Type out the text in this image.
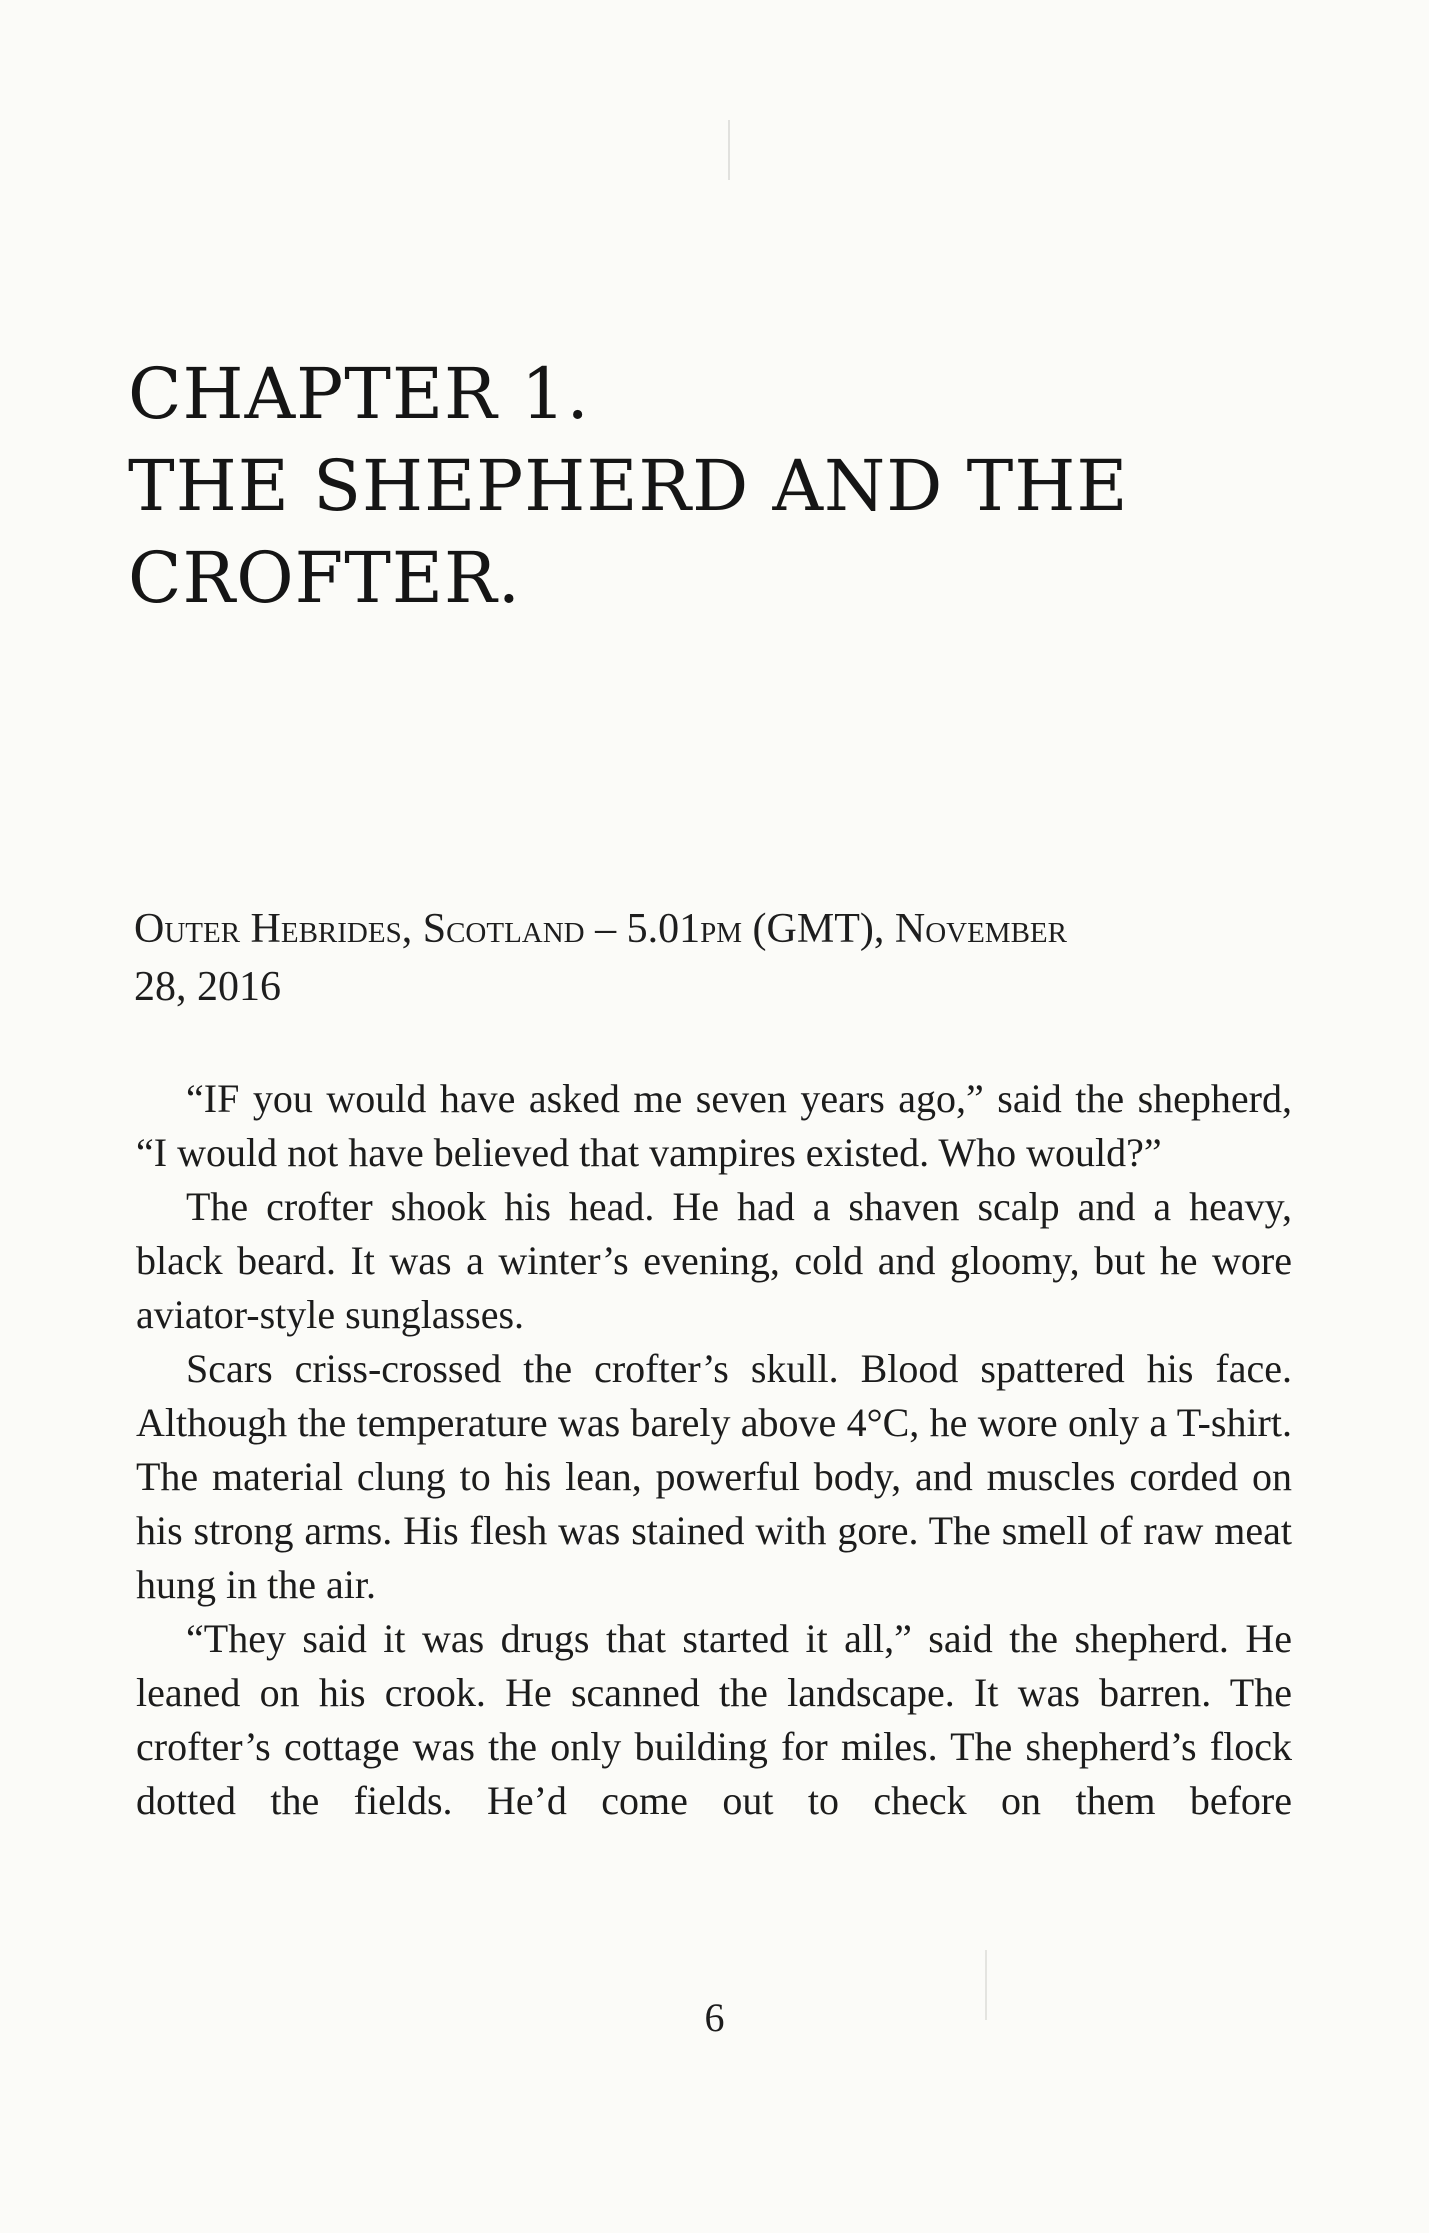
CHAPTER 1.
THE SHEPHERD AND THE
CROFTER.
Outer Hebrides, Scotland – 5.01pm (GMT), November
28, 2016

“IF you would have asked me seven years ago,” said the shepherd, “I would not have believed that vampires existed. Who would?”

The crofter shook his head. He had a shaven scalp and a heavy, black beard. It was a winter’s evening, cold and gloomy, but he wore aviator-style sunglasses.

Scars criss-crossed the crofter’s skull. Blood spattered his face. Although the temperature was barely above 4°C, he wore only a T-shirt. The material clung to his lean, powerful body, and muscles corded on his strong arms. His flesh was stained with gore. The smell of raw meat hung in the air.

“They said it was drugs that started it all,” said the shepherd. He leaned on his crook. He scanned the landscape. It was barren. The crofter’s cottage was the only building for miles. The shepherd’s flock dotted the fields. He’d come out to check on them before

6
